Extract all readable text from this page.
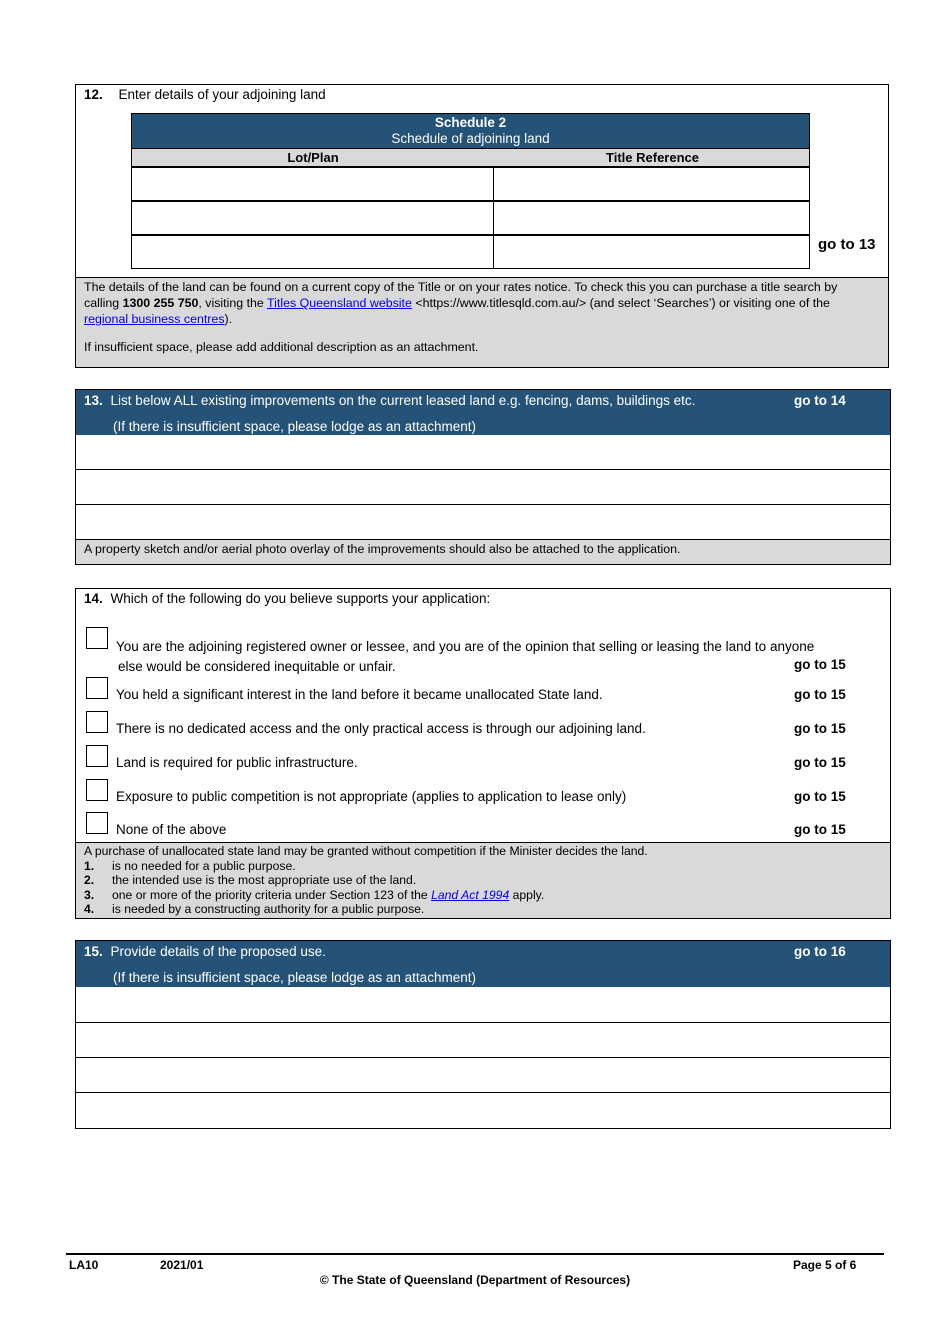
12. Enter details of your adjoining land
Schedule 2
Schedule of adjoining land
Lot/Plan	Title Reference
go to 13
The details of the land can be found on a current copy of the Title or on your rates notice. To check this you can purchase a title search by
calling 1300 255 750, visiting the Titles Queensland website <https://www.titlesqld.com.au/> (and select ‘Searches’) or visiting one of the
regional business centres).
If insufficient space, please add additional description as an attachment.
13. List below ALL existing improvements on the current leased land e.g. fencing, dams, buildings etc.	go to 14
(If there is insufficient space, please lodge as an attachment)
A property sketch and/or aerial photo overlay of the improvements should also be attached to the application.
14. Which of the following do you believe supports your application:
You are the adjoining registered owner or lessee, and you are of the opinion that selling or leasing the land to anyone
else would be considered inequitable or unfair.	go to 15
You held a significant interest in the land before it became unallocated State land.	go to 15
There is no dedicated access and the only practical access is through our adjoining land.	go to 15
Land is required for public infrastructure.	go to 15
Exposure to public competition is not appropriate (applies to application to lease only)	go to 15
None of the above	go to 15
A purchase of unallocated state land may be granted without competition if the Minister decides the land.
1. is no needed for a public purpose.
2. the intended use is the most appropriate use of the land.
3. one or more of the priority criteria under Section 123 of the Land Act 1994 apply.
4. is needed by a constructing authority for a public purpose.
15. Provide details of the proposed use.	go to 16
(If there is insufficient space, please lodge as an attachment)
LA10	2021/01	Page 5 of 6
© The State of Queensland (Department of Resources)
